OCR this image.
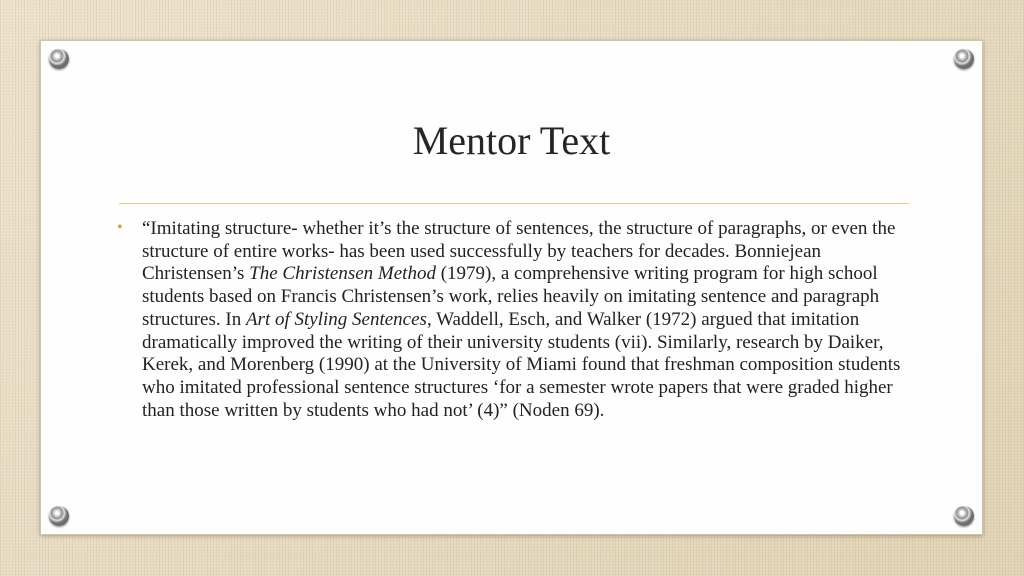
Mentor Text
• “Imitating structure- whether it’s the structure of sentences, the structure of paragraphs, or even the structure of entire works- has been used successfully by teachers for decades. Bonniejean Christensen’s The Christensen Method (1979), a comprehensive writing program for high school students based on Francis Christensen’s work, relies heavily on imitating sentence and paragraph structures. In Art of Styling Sentences, Waddell, Esch, and Walker (1972) argued that imitation dramatically improved the writing of their university students (vii). Similarly, research by Daiker, Kerek, and Morenberg (1990) at the University of Miami found that freshman composition students who imitated professional sentence structures ‘for a semester wrote papers that were graded higher than those written by students who had not’ (4)” (Noden 69).
